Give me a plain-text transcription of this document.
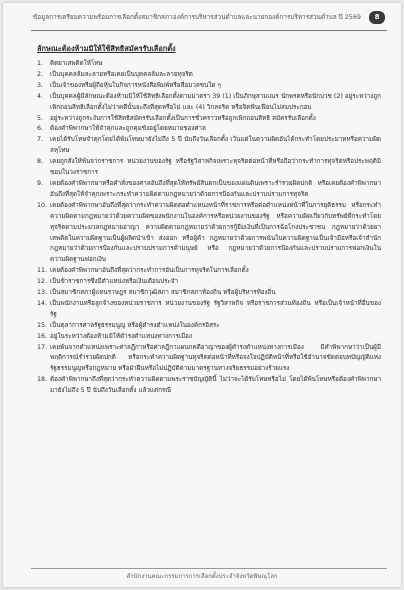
ข้อมูลการเตรียมความพร้อมการเลือกตั้งสมาชิกสภาองค์การบริหารส่วนตำบลและนายกองค์การบริหารส่วนตำบล ปี 2569	8
ลักษณะต้องห้ามมิให้ใช้สิทธิสมัครรับเลือกตั้ง
1. ติดยาเสพติดให้โทษ
2. เป็นบุคคลล้มละลายหรือเคยเป็นบุคคลล้มละลายทุจริต
3. เป็นเจ้าของหรือผู้ถือหุ้นในกิจการหนังสือพิมพ์หรือสื่อมวลชนใด ๆ
4. เป็นบุคคลผู้มีลักษณะต้องห้ามมิให้ใช้สิทธิเลือกตั้งตามมาตรา 39 (1) เป็นภิกษุสามเณร นักพรตหรือนักบวช (2) อยู่ระหว่างถูกเพิกถอนสิทธิเลือกตั้งไม่ว่าคดีนั้นจะถึงที่สุดหรือไม่ และ (4) วิกลจริต หรือจิตฟั่นเฟือนไม่สมประกอบ
5. อยู่ระหว่างถูกระงับการใช้สิทธิสมัครรับเลือกตั้งเป็นการชั่วคราวหรือถูกเพิกถอนสิทธิ สมัครรับเลือกตั้ง
6. ต้องคำพิพากษาให้จำคุกและถูกคุมขังอยู่โดยหมายของศาล
7. เคยได้รับโทษจำคุกโดยได้พ้นโทษมายังไม่ถึง 5 ปี นับถึงวันเลือกตั้ง เว้นแต่ในความผิดอันได้กระทำโดยประมาทหรือความผิดลหุโทษ
8. เคยถูกสั่งให้พ้นจากราชการ หน่วยงานของรัฐ หรือรัฐวิสาหกิจเพราะทุจริตต่อหน้าที่หรือถือว่ากระทำการทุจริตหรือประพฤติมิชอบในวงราชการ
9. เคยต้องคำพิพากษาหรือคำสั่งของศาลอันถึงที่สุดให้ทรัพย์สินตกเป็นของแผ่นดินเพราะร่ำรวยผิดปกติ หรือเคยต้องคำพิพากษาอันถึงที่สุดให้จำคุกเพราะกระทำความผิดตามกฎหมายว่าด้วยการป้องกันและปราบปรามการทุจริต
10. เคยต้องคำพิพากษาอันถึงที่สุดว่ากระทำความผิดต่อตำแหน่งหน้าที่ราชการหรือต่อตำแหน่งหน้าที่ในการยุติธรรม หรือกระทำความผิดตามกฎหมายว่าด้วยความผิดของพนักงานในองค์การหรือหน่วยงานของรัฐ หรือความผิดเกี่ยวกับทรัพย์ที่กระทำโดยทุจริตตามประมวลกฎหมายอาญา ความผิดตามกฎหมายว่าด้วยการกู้ยืมเงินที่เป็นการฉ้อโกงประชาชน กฎหมายว่าด้วยยาเสพติดในความผิดฐานเป็นผู้ผลิตนำเข้า ส่งออก หรือผู้ค้า กฎหมายว่าด้วยการพนันในความผิดฐานเป็นเจ้ามือหรือเจ้าสำนัก กฎหมายว่าด้วยการป้องกันและปราบปรามการค้ามนุษย์ หรือ กฎหมายว่าด้วยการป้องกันและปราบปรามการฟอกเงินในความผิดฐานฟอกเงิน
11. เคยต้องคำพิพากษาอันถึงที่สุดว่ากระทำการอันเป็นการทุจริตในการเลือกตั้ง
12. เป็นข้าราชการซึ่งมีตำแหน่งหรือเงินเดือนประจำ
13. เป็นสมาชิกสภาผู้แทนราษฎร สมาชิกวุฒิสภา สมาชิกสภาท้องถิ่น หรือผู้บริหารท้องถิ่น
14. เป็นพนักงานหรือลูกจ้างของหน่วยราชการ หน่วยงานของรัฐ รัฐวิสาหกิจ หรือราชการส่วนท้องถิ่น หรือเป็นเจ้าหน้าที่อื่นของรัฐ
15. เป็นตุลาการศาลรัฐธรรมนูญ หรือผู้ดำรงตำแหน่งในองค์กรอิสระ
16. อยู่ในระหว่างต้องห้ามมิให้ดำรงตำแหน่งทางการเมือง
17. เคยพ้นจากตำแหน่งเพราะศาลฎีกาหรือศาลฎีกาแผนกคดีอาญาของผู้ดำรงตำแหน่งทางการเมือง มีคำพิพากษาว่าเป็นผู้มีพฤติการณ์ร่ำรวยผิดปกติ หรือกระทำความผิดฐานทุจริตต่อหน้าที่หรือจงใจปฏิบัติหน้าที่หรือใช้อำนาจขัดต่อบทบัญญัติแห่งรัฐธรรมนูญหรือกฎหมาย หรือฝ่าฝืนหรือไม่ปฏิบัติตามมาตรฐานทางจริยธรรมอย่างร้ายแรง
18. ต้องคำพิพากษาถึงที่สุดว่ากระทำความผิดตามพระราชบัญญัตินี้ ไม่ว่าจะได้รับโทษหรือไม่ โดยได้พ้นโทษหรือต้องคำพิพากษามายังไม่ถึง 5 ปี นับถึงวันเลือกตั้ง แล้วแต่กรณี
สำนักงานคณะกรรมการการเลือกตั้งประจำจังหวัดพิษณุโลก
